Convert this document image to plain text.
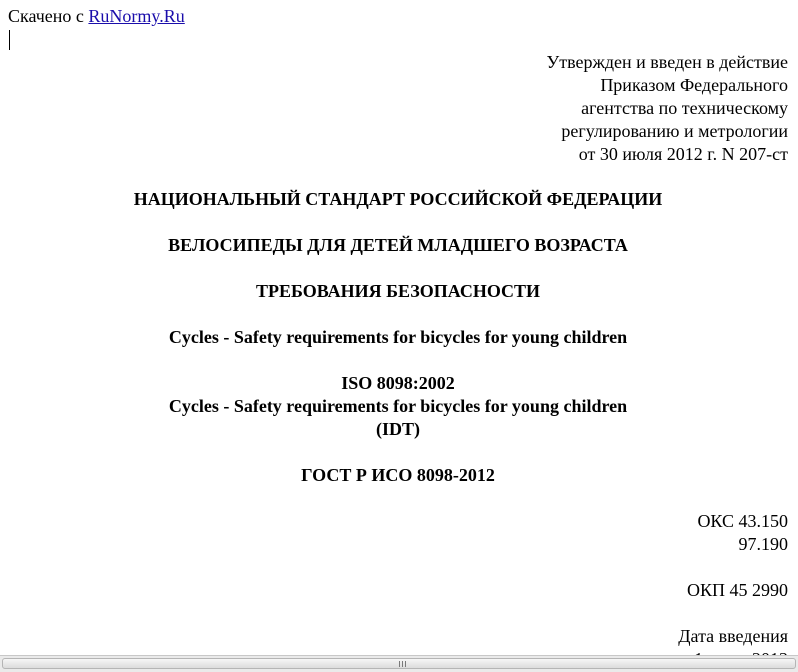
Скачено с RuNormy.Ru
Утвержден и введен в действие
Приказом Федерального
агентства по техническому
регулированию и метрологии
от 30 июля 2012 г. N 207-ст
НАЦИОНАЛЬНЫЙ СТАНДАРТ РОССИЙСКОЙ ФЕДЕРАЦИИ
ВЕЛОСИПЕДЫ ДЛЯ ДЕТЕЙ МЛАДШЕГО ВОЗРАСТА
ТРЕБОВАНИЯ БЕЗОПАСНОСТИ
Cycles - Safety requirements for bicycles for young children
ISO 8098:2002
Cycles - Safety requirements for bicycles for young children
(IDT)
ГОСТ Р ИСО 8098-2012
ОКС 43.150
97.190
ОКП 45 2990
Дата введения
